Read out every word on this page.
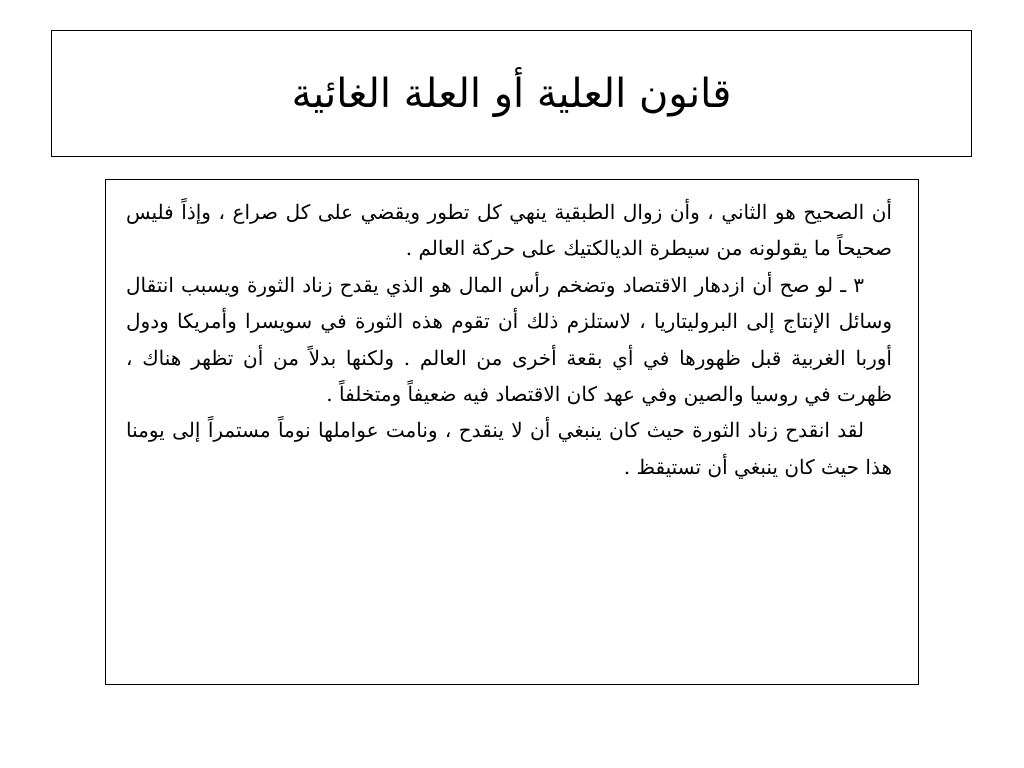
قانون العلية أو العلة الغائية

أن الصحيح هو الثاني ، وأن زوال الطبقية ينهي كل تطور ويقضي على كل صراع ، وإذاً فليس صحيحاً ما يقولونه من سيطرة الديالكتيك على حركة العالم .

٣ ـ لو صح أن ازدهار الاقتصاد وتضخم رأس المال هو الذي يقدح زناد الثورة ويسبب انتقال وسائل الإنتاج إلى البروليتاريا ، لاستلزم ذلك أن تقوم هذه الثورة في سويسرا وأمريكا ودول أوربا الغربية قبل ظهورها في أي بقعة أخرى من العالم . ولكنها بدلاً من أن تظهر هناك ، ظهرت في روسيا والصين وفي عهد كان الاقتصاد فيه ضعيفاً ومتخلفاً .

لقد انقدح زناد الثورة حيث كان ينبغي أن لا ينقدح ، ونامت عواملها نوماً مستمراً إلى يومنا هذا حيث كان ينبغي أن تستيقظ .
